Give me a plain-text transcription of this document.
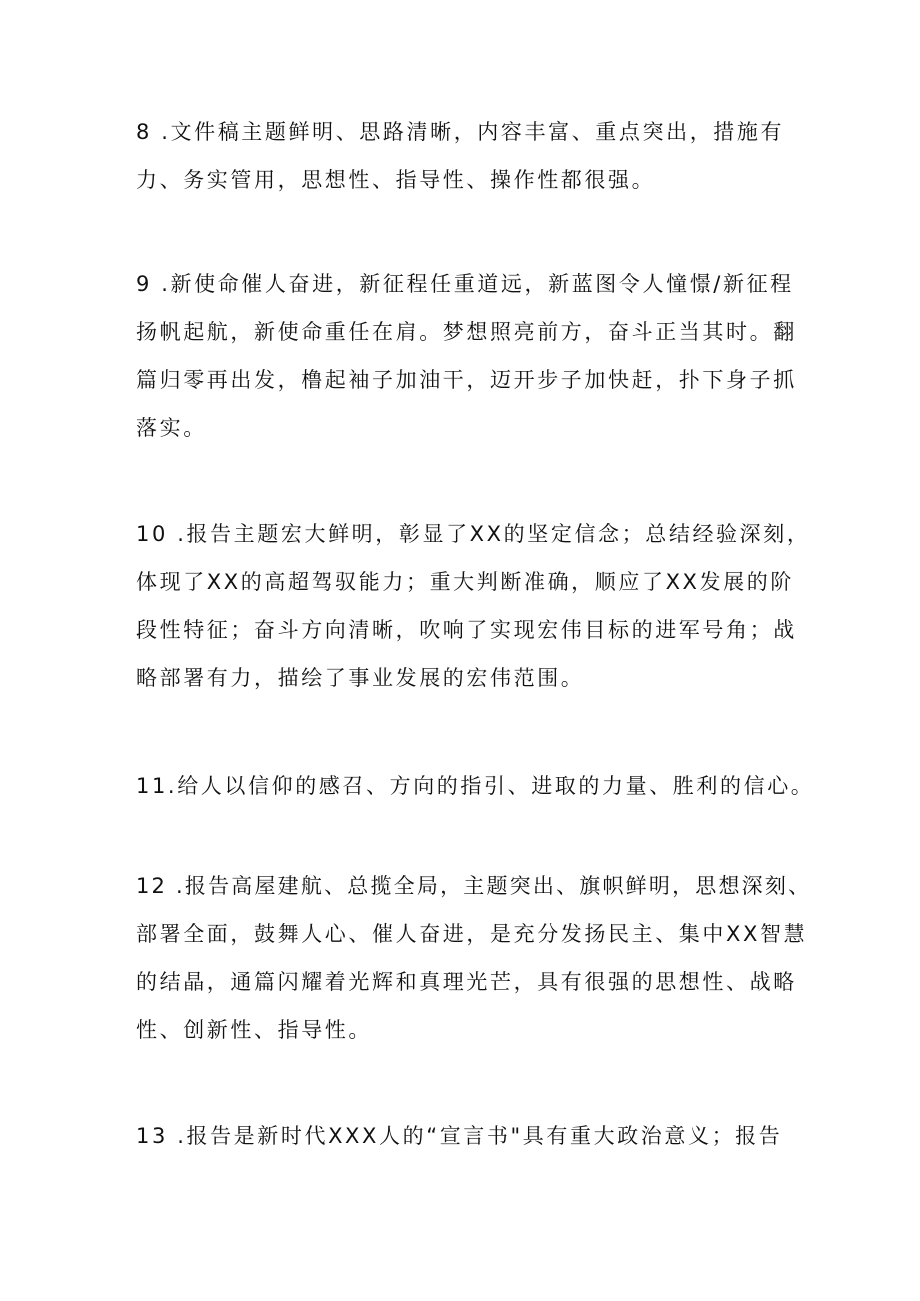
8 .文件稿主题鲜明、思路清晰，内容丰富、重点突出，措施有
力、务实管用，思想性、指导性、操作性都很强。
9 .新使命催人奋进，新征程任重道远，新蓝图令人憧憬/新征程
扬帆起航，新使命重任在肩。梦想照亮前方，奋斗正当其时。翻
篇归零再出发，橹起袖子加油干，迈开步子加快赶，扑下身子抓
落实。
10 .报告主题宏大鲜明，彰显了XX的坚定信念；总结经验深刻，
体现了XX的高超驾驭能力；重大判断准确，顺应了XX发展的阶
段性特征；奋斗方向清晰，吹响了实现宏伟目标的进军号角；战
略部署有力，描绘了事业发展的宏伟范围。
11.给人以信仰的感召、方向的指引、进取的力量、胜利的信心。
12 .报告高屋建航、总揽全局，主题突出、旗帜鲜明，思想深刻、
部署全面，鼓舞人心、催人奋进，是充分发扬民主、集中XX智慧
的结晶，通篇闪耀着光辉和真理光芒，具有很强的思想性、战略
性、创新性、指导性。
13 .报告是新时代XXX人的“宣言书"具有重大政治意义；报告
